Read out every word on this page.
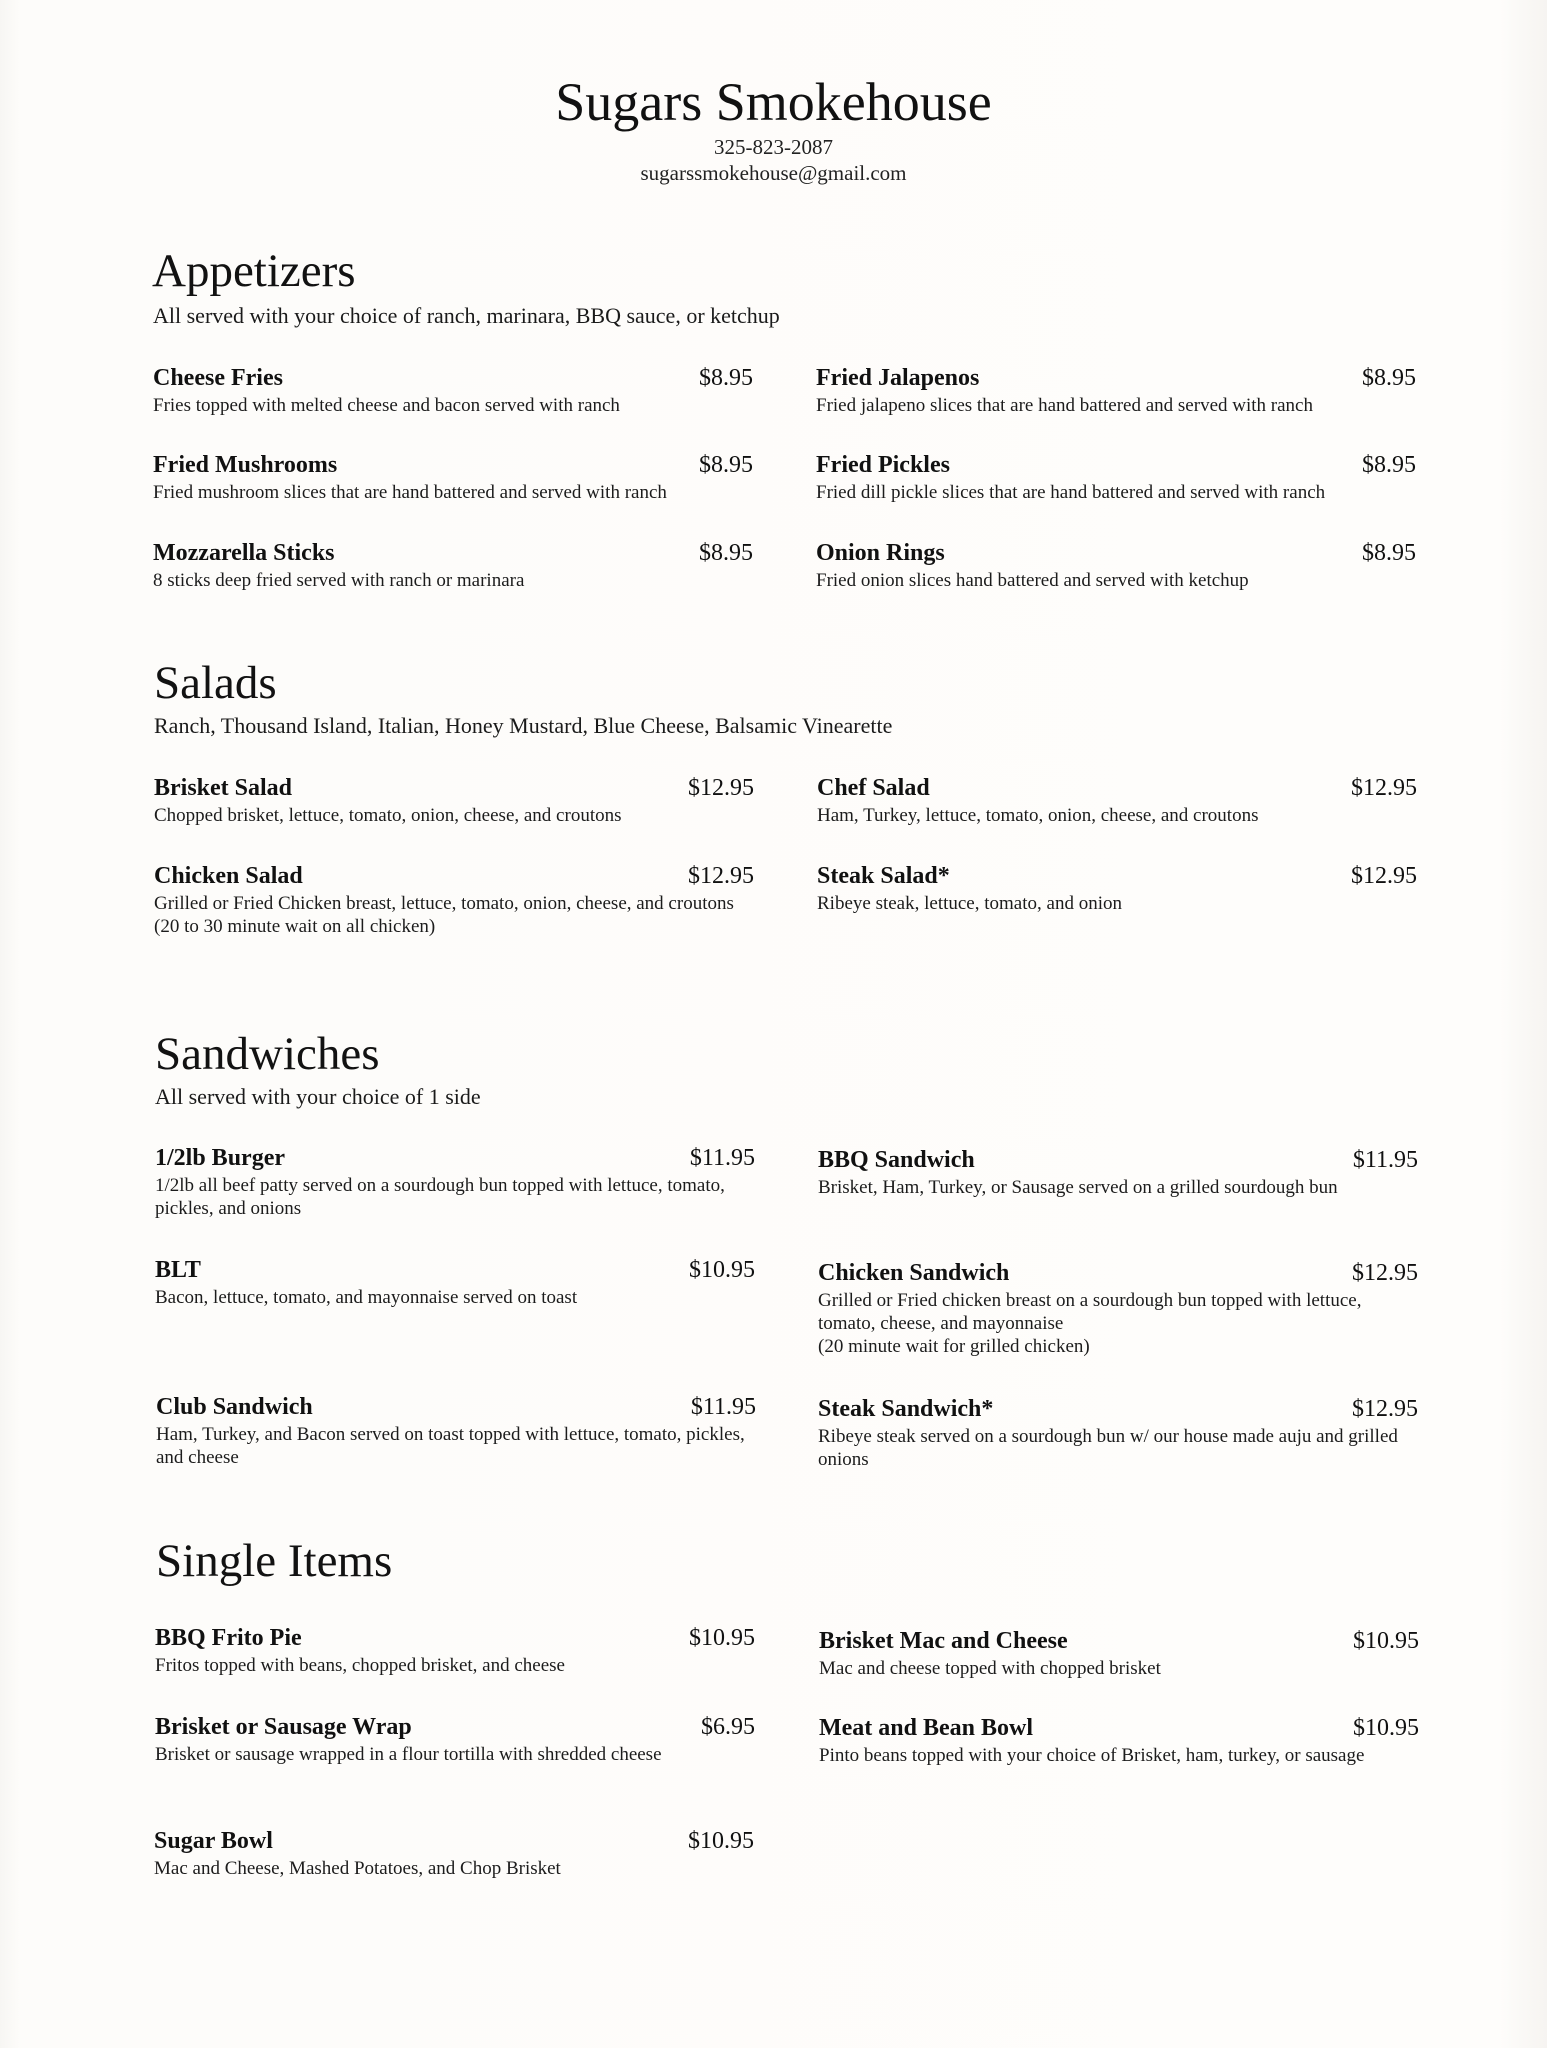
Sugars Smokehouse
325-823-2087
sugarssmokehouse@gmail.com
Appetizers
All served with your choice of ranch, marinara, BBQ sauce, or ketchup
Cheese Fries	$8.95
Fries topped with melted cheese and bacon served with ranch
Fried Jalapenos	$8.95
Fried jalapeno slices that are hand battered and served with ranch
Fried Mushrooms	$8.95
Fried mushroom slices that are hand battered and served with ranch
Fried Pickles	$8.95
Fried dill pickle slices that are hand battered and served with ranch
Mozzarella Sticks	$8.95
8 sticks deep fried served with ranch or marinara
Onion Rings	$8.95
Fried onion slices hand battered and served with ketchup
Salads
Ranch, Thousand Island, Italian, Honey Mustard, Blue Cheese, Balsamic Vinearette
Brisket Salad	$12.95
Chopped brisket, lettuce, tomato, onion, cheese, and croutons
Chef Salad	$12.95
Ham, Turkey, lettuce, tomato, onion, cheese, and croutons
Chicken Salad	$12.95
Grilled or Fried Chicken breast, lettuce, tomato, onion, cheese, and croutons
(20 to 30 minute wait on all chicken)
Steak Salad*	$12.95
Ribeye steak, lettuce, tomato, and onion
Sandwiches
All served with your choice of 1 side
1/2lb Burger	$11.95
1/2lb all beef patty served on a sourdough bun topped with lettuce, tomato, pickles, and onions
BBQ Sandwich	$11.95
Brisket, Ham, Turkey, or Sausage served on a grilled sourdough bun
BLT	$10.95
Bacon, lettuce, tomato, and mayonnaise served on toast
Chicken Sandwich	$12.95
Grilled or Fried chicken breast on a sourdough bun topped with lettuce, tomato, cheese, and mayonnaise
(20 minute wait for grilled chicken)
Club Sandwich	$11.95
Ham, Turkey, and Bacon served on toast topped with lettuce, tomato, pickles, and cheese
Steak Sandwich*	$12.95
Ribeye steak served on a sourdough bun w/ our house made auju and grilled onions
Single Items
BBQ Frito Pie	$10.95
Fritos topped with beans, chopped brisket, and cheese
Brisket Mac and Cheese	$10.95
Mac and cheese topped with chopped brisket
Brisket or Sausage Wrap	$6.95
Brisket or sausage wrapped in a flour tortilla with shredded cheese
Meat and Bean Bowl	$10.95
Pinto beans topped with your choice of Brisket, ham, turkey, or sausage
Sugar Bowl	$10.95
Mac and Cheese, Mashed Potatoes, and Chop Brisket
